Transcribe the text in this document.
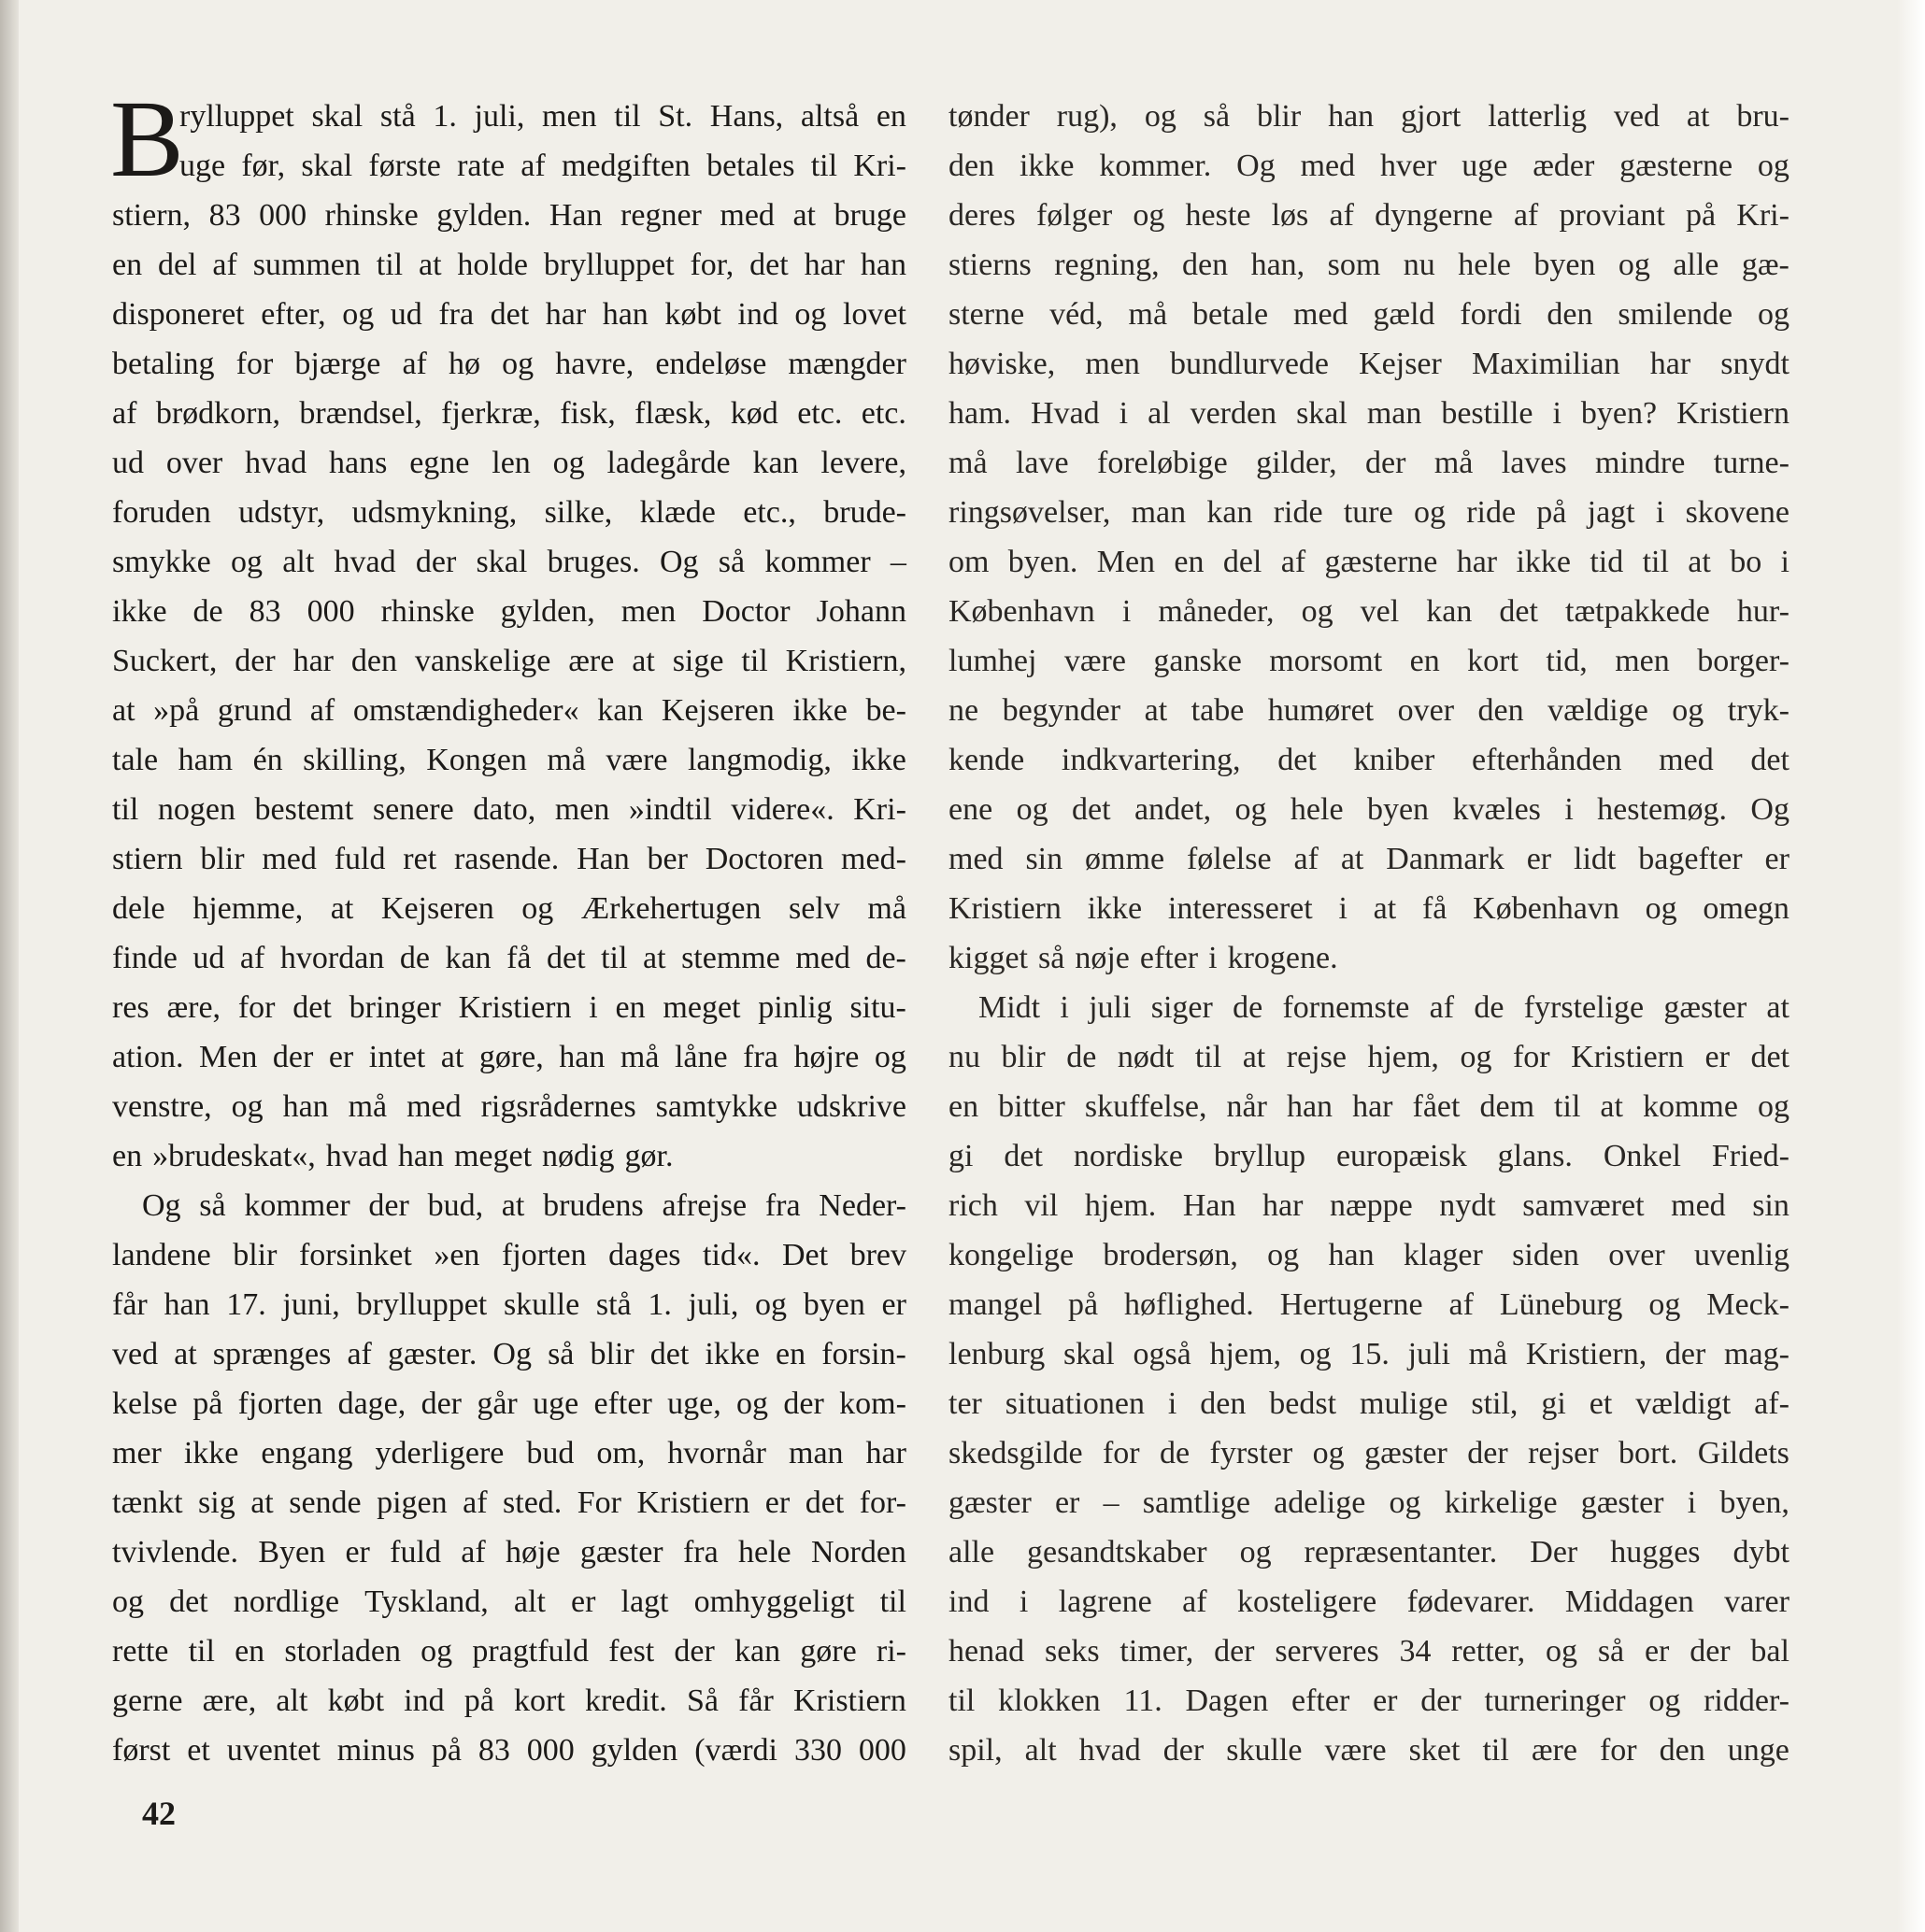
B
rylluppet skal stå 1. juli, men til St. Hans, altså en
uge før, skal første rate af medgiften betales til Kri-
stiern, 83 000 rhinske gylden. Han regner med at bruge
en del af summen til at holde brylluppet for, det har han
disponeret efter, og ud fra det har han købt ind og lovet
betaling for bjærge af hø og havre, endeløse mængder
af brødkorn, brændsel, fjerkræ, fisk, flæsk, kød etc. etc.
ud over hvad hans egne len og ladegårde kan levere,
foruden udstyr, udsmykning, silke, klæde etc., brude-
smykke og alt hvad der skal bruges. Og så kommer –
ikke de 83 000 rhinske gylden, men Doctor Johann
Suckert, der har den vanskelige ære at sige til Kristiern,
at »på grund af omstændigheder« kan Kejseren ikke be-
tale ham én skilling, Kongen må være langmodig, ikke
til nogen bestemt senere dato, men »indtil videre«. Kri-
stiern blir med fuld ret rasende. Han ber Doctoren med-
dele hjemme, at Kejseren og Ærkehertugen selv må
finde ud af hvordan de kan få det til at stemme med de-
res ære, for det bringer Kristiern i en meget pinlig situ-
ation. Men der er intet at gøre, han må låne fra højre og
venstre, og han må med rigsrådernes samtykke udskrive
en »brudeskat«, hvad han meget nødig gør.
Og så kommer der bud, at brudens afrejse fra Neder-
landene blir forsinket »en fjorten dages tid«. Det brev
får han 17. juni, brylluppet skulle stå 1. juli, og byen er
ved at sprænges af gæster. Og så blir det ikke en forsin-
kelse på fjorten dage, der går uge efter uge, og der kom-
mer ikke engang yderligere bud om, hvornår man har
tænkt sig at sende pigen af sted. For Kristiern er det for-
tvivlende. Byen er fuld af høje gæster fra hele Norden
og det nordlige Tyskland, alt er lagt omhyggeligt til
rette til en storladen og pragtfuld fest der kan gøre ri-
gerne ære, alt købt ind på kort kredit. Så får Kristiern
først et uventet minus på 83 000 gylden (værdi 330 000
tønder rug), og så blir han gjort latterlig ved at bru-
den ikke kommer. Og med hver uge æder gæsterne og
deres følger og heste løs af dyngerne af proviant på Kri-
stierns regning, den han, som nu hele byen og alle gæ-
sterne véd, må betale med gæld fordi den smilende og
høviske, men bundlurvede Kejser Maximilian har snydt
ham. Hvad i al verden skal man bestille i byen? Kristiern
må lave foreløbige gilder, der må laves mindre turne-
ringsøvelser, man kan ride ture og ride på jagt i skovene
om byen. Men en del af gæsterne har ikke tid til at bo i
København i måneder, og vel kan det tætpakkede hur-
lumhej være ganske morsomt en kort tid, men borger-
ne begynder at tabe humøret over den vældige og tryk-
kende indkvartering, det kniber efterhånden med det
ene og det andet, og hele byen kvæles i hestemøg. Og
med sin ømme følelse af at Danmark er lidt bagefter er
Kristiern ikke interesseret i at få København og omegn
kigget så nøje efter i krogene.
Midt i juli siger de fornemste af de fyrstelige gæster at
nu blir de nødt til at rejse hjem, og for Kristiern er det
en bitter skuffelse, når han har fået dem til at komme og
gi det nordiske bryllup europæisk glans. Onkel Fried-
rich vil hjem. Han har næppe nydt samværet med sin
kongelige brodersøn, og han klager siden over uvenlig
mangel på høflighed. Hertugerne af Lüneburg og Meck-
lenburg skal også hjem, og 15. juli må Kristiern, der mag-
ter situationen i den bedst mulige stil, gi et vældigt af-
skedsgilde for de fyrster og gæster der rejser bort. Gildets
gæster er – samtlige adelige og kirkelige gæster i byen,
alle gesandtskaber og repræsentanter. Der hugges dybt
ind i lagrene af kosteligere fødevarer. Middagen varer
henad seks timer, der serveres 34 retter, og så er der bal
til klokken 11. Dagen efter er der turneringer og ridder-
spil, alt hvad der skulle være sket til ære for den unge
42
